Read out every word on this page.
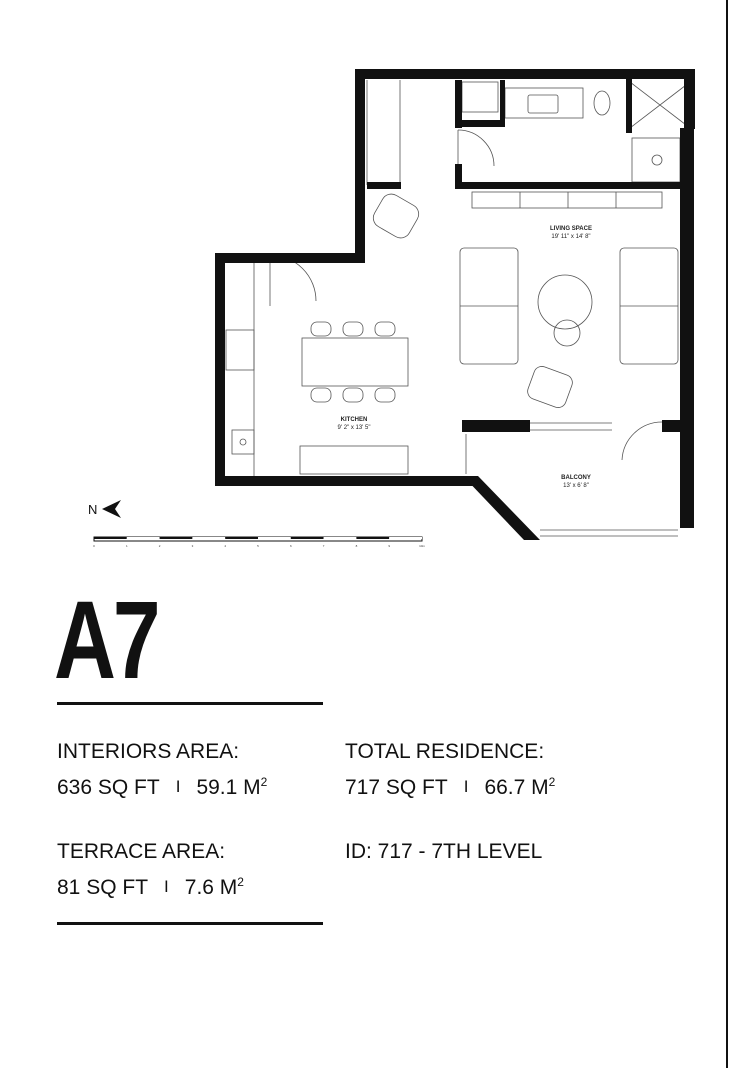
LIVING SPACE
19' 11" x 14' 8"
KITCHEN
9' 2" x 13' 5"
BALCONY
13' x 6' 8"
N
0	1	2	3	4	5	6	7	8	9	10m
A7
INTERIORS AREA:
636 SQ FT I 59.1 $M^2$
TOTAL RESIDENCE:
717 SQ FT I 66.7 $M^2$
TERRACE AREA:
81 SQ FT I 7.6 $M^2$
ID: 717 - 7TH LEVEL
